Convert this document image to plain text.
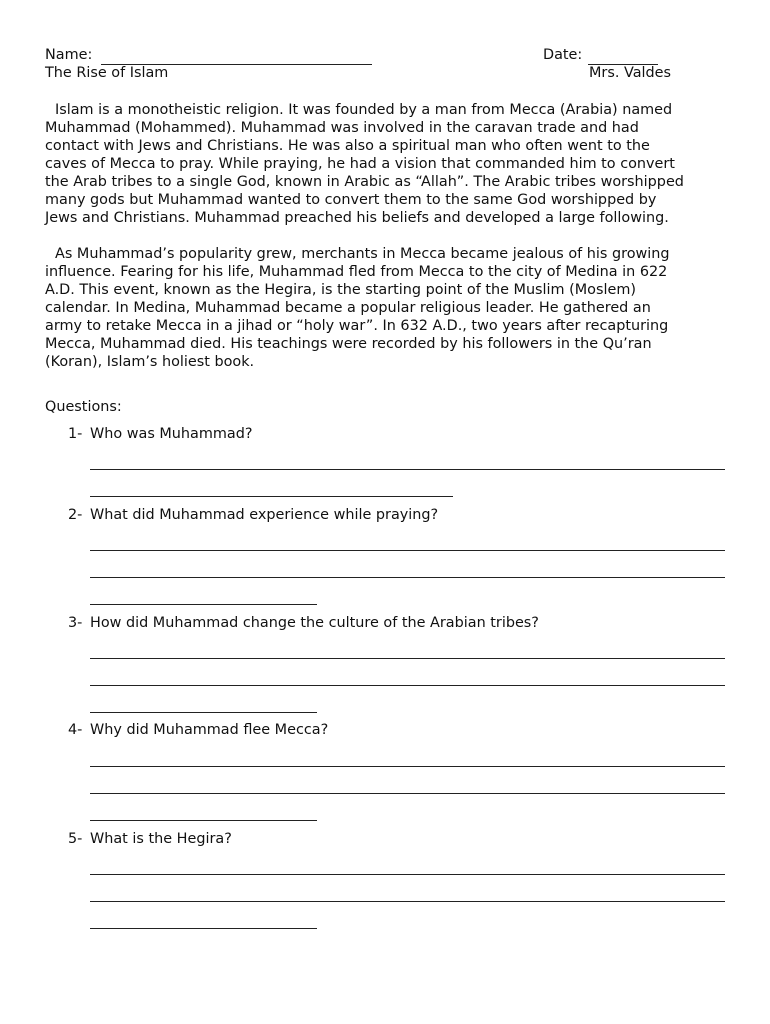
Name:	Date:
The Rise of Islam	Mrs. Valdes
Islam is a monotheistic religion. It was founded by a man from Mecca (Arabia) named
Muhammad (Mohammed). Muhammad was involved in the caravan trade and had
contact with Jews and Christians. He was also a spiritual man who often went to the
caves of Mecca to pray. While praying, he had a vision that commanded him to convert
the Arab tribes to a single God, known in Arabic as “Allah”. The Arabic tribes worshipped
many gods but Muhammad wanted to convert them to the same God worshipped by
Jews and Christians. Muhammad preached his beliefs and developed a large following.
As Muhammad’s popularity grew, merchants in Mecca became jealous of his growing
influence. Fearing for his life, Muhammad fled from Mecca to the city of Medina in 622
A.D. This event, known as the Hegira, is the starting point of the Muslim (Moslem)
calendar. In Medina, Muhammad became a popular religious leader. He gathered an
army to retake Mecca in a jihad or “holy war”. In 632 A.D., two years after recapturing
Mecca, Muhammad died. His teachings were recorded by his followers in the Qu’ran
(Koran), Islam’s holiest book.
Questions:
1- Who was Muhammad?
2- What did Muhammad experience while praying?
3- How did Muhammad change the culture of the Arabian tribes?
4- Why did Muhammad flee Mecca?
5- What is the Hegira?
